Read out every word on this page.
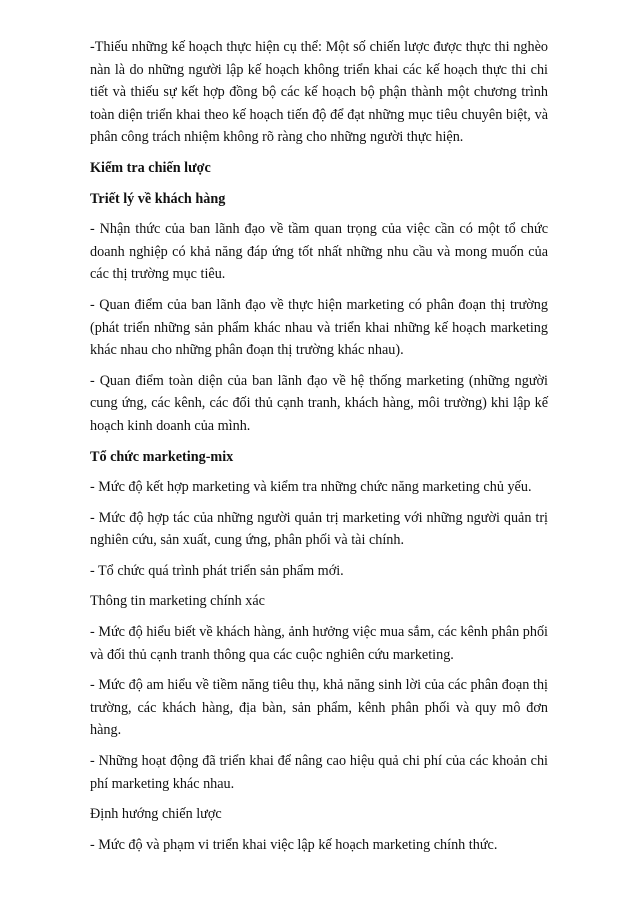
-Thiếu những kế hoạch thực hiện cụ thể: Một số chiến lược được thực thi nghèo nàn là do những người lập kế hoạch không triển khai các kế hoạch thực thi chi tiết và thiếu sự kết hợp đồng bộ các kế hoạch bộ phận thành một chương trình toàn diện triển khai theo kế hoạch tiến độ để đạt những mục tiêu chuyên biệt, và phân công trách nhiệm không rõ ràng cho những người thực hiện.

Kiểm tra chiến lược

Triết lý về khách hàng

- Nhận thức của ban lãnh đạo về tầm quan trọng của việc cần có một tổ chức doanh nghiệp có khả năng đáp ứng tốt nhất những nhu cầu và mong muốn của các thị trường mục tiêu.

- Quan điểm của ban lãnh đạo về thực hiện marketing có phân đoạn thị trường (phát triển những sản phẩm khác nhau và triển khai những kế hoạch marketing khác nhau cho những phân đoạn thị trường khác nhau).

- Quan điểm toàn diện của ban lãnh đạo về hệ thống marketing (những người cung ứng, các kênh, các đối thủ cạnh tranh, khách hàng, môi trường) khi lập kế hoạch kinh doanh của mình.

Tổ chức marketing-mix

- Mức độ kết hợp marketing và kiểm tra những chức năng marketing chủ yếu.

- Mức độ hợp tác của những người quản trị marketing với những người quản trị nghiên cứu, sản xuất, cung ứng, phân phối và tài chính.

- Tổ chức quá trình phát triển sản phẩm mới.

Thông tin marketing chính xác

- Mức độ hiểu biết về khách hàng, ảnh hưởng việc mua sắm, các kênh phân phối và đối thủ cạnh tranh thông qua các cuộc nghiên cứu marketing.

- Mức độ am hiểu về tiềm năng tiêu thụ, khả năng sinh lời của các phân đoạn thị trường, các khách hàng, địa bàn, sản phẩm, kênh phân phối và quy mô đơn hàng.

- Những hoạt động đã triển khai để nâng cao hiệu quả chi phí của các khoản chi phí marketing khác nhau.

Định hướng chiến lược

- Mức độ và phạm vi triển khai việc lập kế hoạch marketing chính thức.
